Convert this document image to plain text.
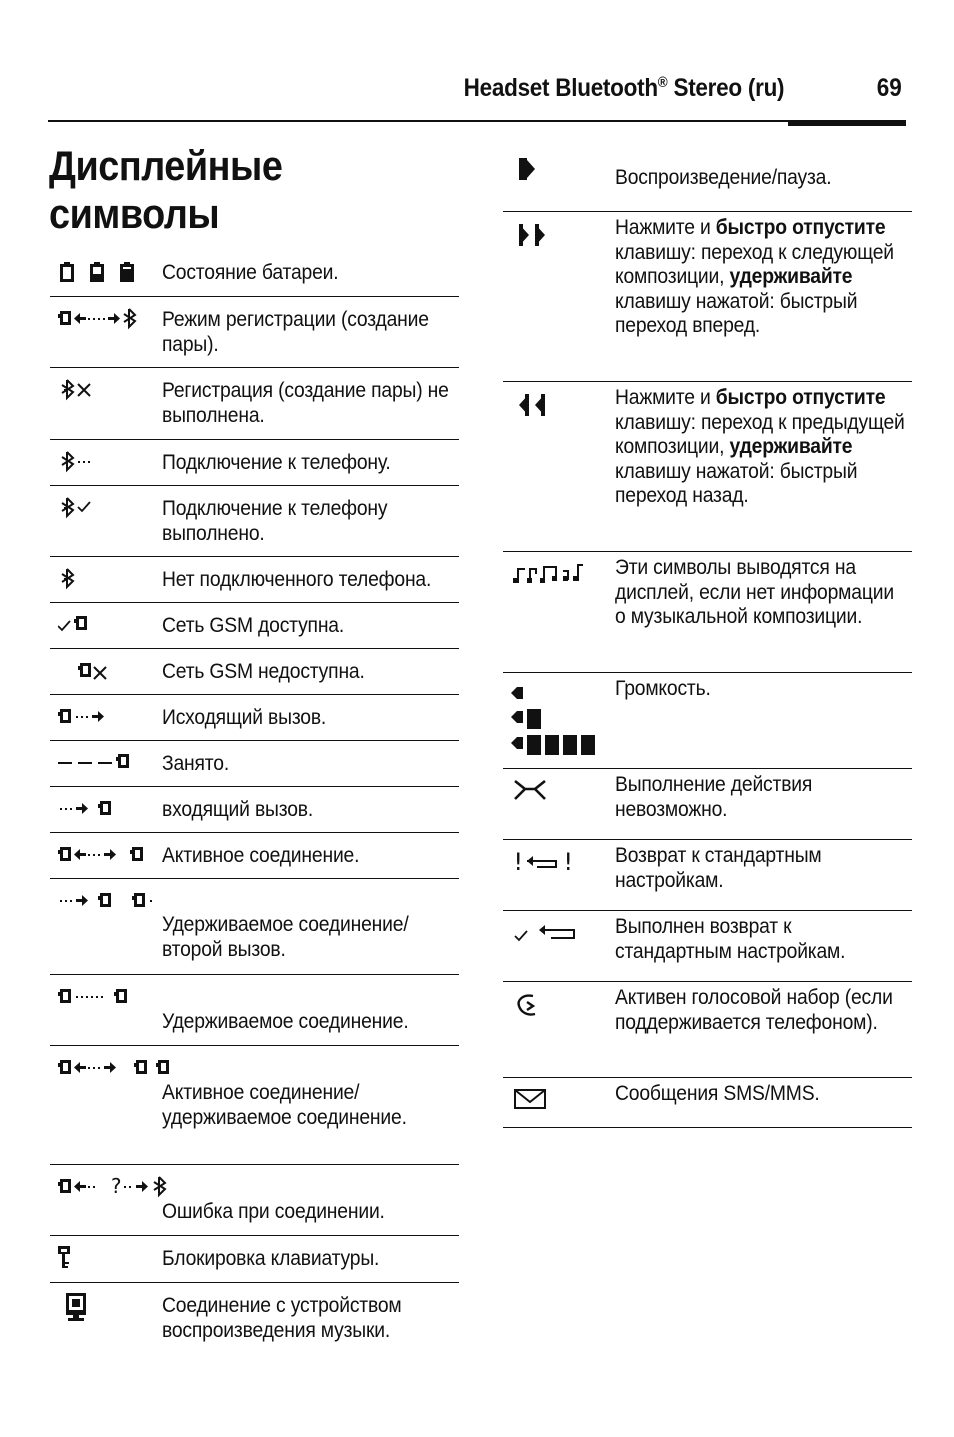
Headset Bluetooth® Stereo (ru)	69
Дисплейные
символы
Состояние батареи.
Режим регистрации (создание пары).
Регистрация (создание пары) не выполнена.
Подключение к телефону.
Подключение к телефону выполнено.
Нет подключенного телефона.
Сеть GSM доступна.
Сеть GSM недоступна.
Исходящий вызов.
Занято.
входящий вызов.
Активное соединение.
Удерживаемое соединение/второй вызов.
Удерживаемое соединение.
Активное соединение/удерживаемое соединение.
?
Ошибка при соединении.
Блокировка клавиатуры.
Соединение с устройством воспроизведения музыки.
Воспроизведение/пауза.
Нажмите и быстро отпустите клавишу: переход к следующей композиции, удерживайте клавишу нажатой: быстрый переход вперед.
Нажмите и быстро отпустите клавишу: переход к предыдущей композиции, удерживайте клавишу нажатой: быстрый переход назад.
Эти символы выводятся на дисплей, если нет информации о музыкальной композиции.
Громкость.
Выполнение действия невозможно.
! ! Возврат к стандартным настройкам.
Выполнен возврат к стандартным настройкам.
Активен голосовой набор (если поддерживается телефоном).
Сообщения SMS/MMS.
